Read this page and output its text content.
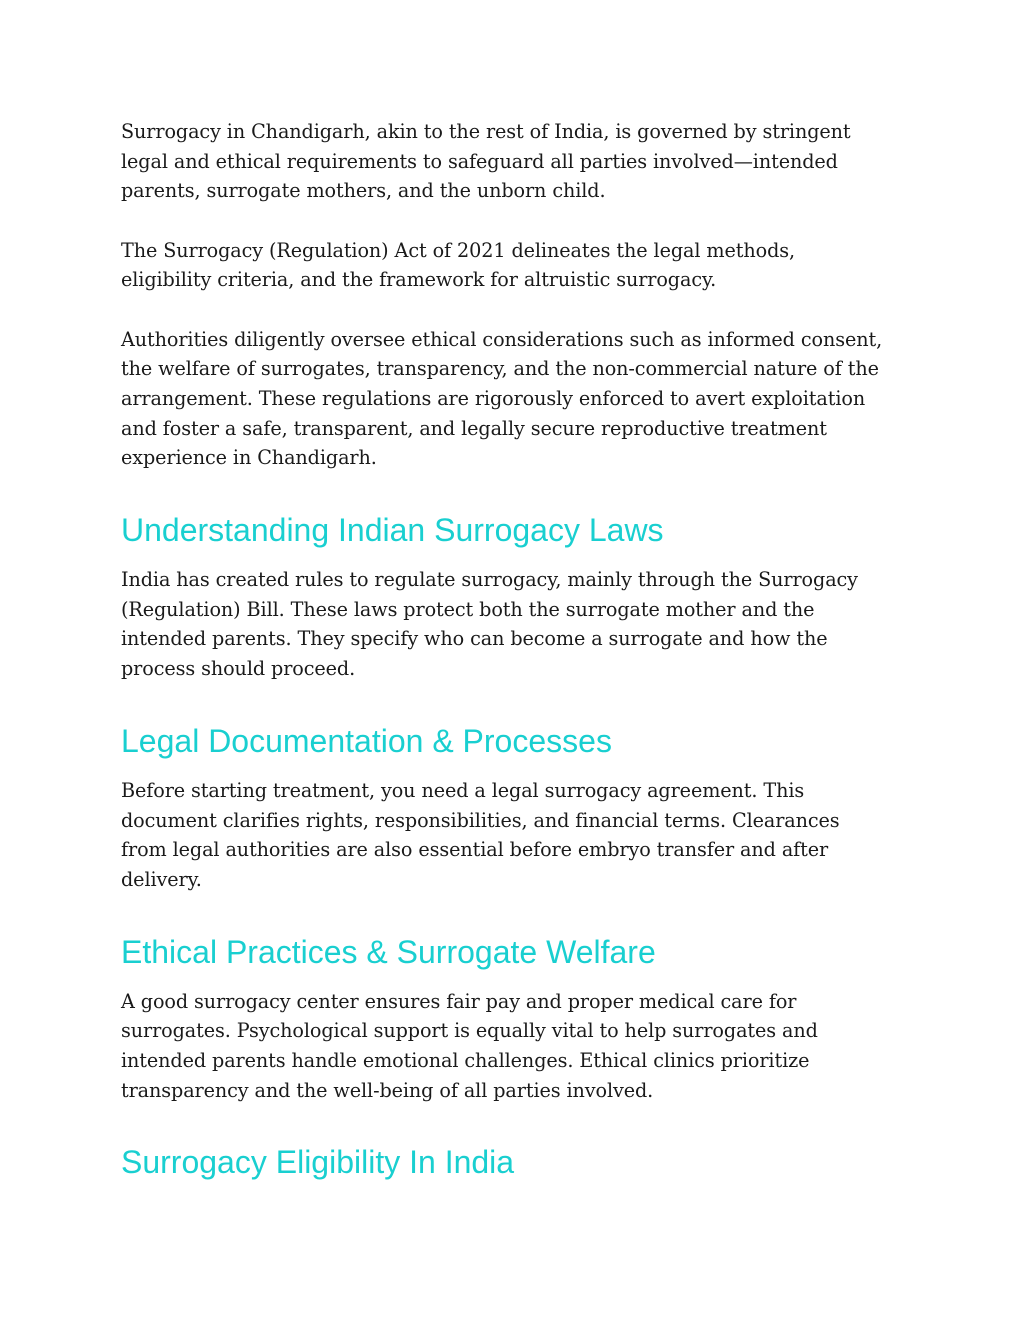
Surrogacy in Chandigarh, akin to the rest of India, is governed by stringent
legal and ethical requirements to safeguard all parties involved—intended
parents, surrogate mothers, and the unborn child.

The Surrogacy (Regulation) Act of 2021 delineates the legal methods,
eligibility criteria, and the framework for altruistic surrogacy.

Authorities diligently oversee ethical considerations such as informed consent,
the welfare of surrogates, transparency, and the non-commercial nature of the
arrangement. These regulations are rigorously enforced to avert exploitation
and foster a safe, transparent, and legally secure reproductive treatment
experience in Chandigarh.

Understanding Indian Surrogacy Laws

India has created rules to regulate surrogacy, mainly through the Surrogacy
(Regulation) Bill. These laws protect both the surrogate mother and the
intended parents. They specify who can become a surrogate and how the
process should proceed.

Legal Documentation & Processes

Before starting treatment, you need a legal surrogacy agreement. This
document clarifies rights, responsibilities, and financial terms. Clearances
from legal authorities are also essential before embryo transfer and after
delivery.

Ethical Practices & Surrogate Welfare

A good surrogacy center ensures fair pay and proper medical care for
surrogates. Psychological support is equally vital to help surrogates and
intended parents handle emotional challenges. Ethical clinics prioritize
transparency and the well-being of all parties involved.

Surrogacy Eligibility In India
